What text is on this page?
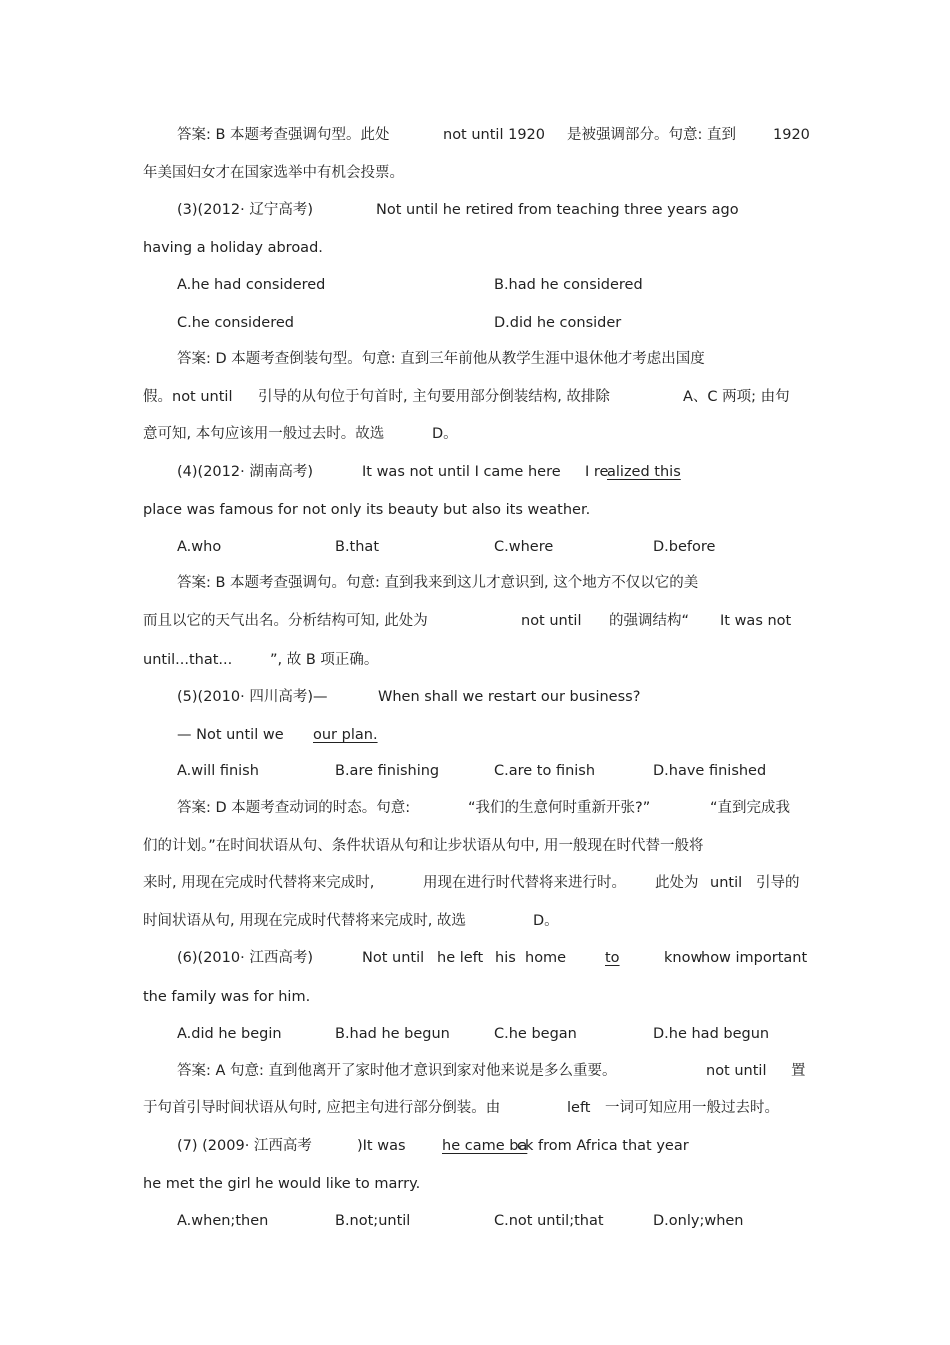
答案: B 本题考查强调句型。此处	not until 1920 是被强调部分。句意: 直到	1920
年美国妇女才在国家选举中有机会投票。
(3)(2012· 辽宁高考)	Not until he retired from teaching three years ago
having a holiday abroad.
A.he had considered	B.had he considered
C.he considered	D.did he consider
答案: D 本题考查倒装句型。句意: 直到三年前他从教学生涯中退休他才考虑出国度
假。not until 引导的从句位于句首时, 主句要用部分倒装结构, 故排除	A、C 两项; 由句
意可知, 本句应该用一般过去时。故选	D。
(4)(2012· 湖南高考)	It was not until I came here I re
alized this
place was famous for not only its beauty but also its weather.
A.who	B.that	C.where	D.before
答案: B 本题考查强调句。句意: 直到我来到这儿才意识到, 这个地方不仅以它的美
而且以它的天气出名。分析结构可知, 此处为	not until 的强调结构“ It was not
until...that...	”, 故 B 项正确。
(5)(2010· 四川高考)—	When shall we restart our business?
— Not until we	our plan.
A.will finish	B.are finishing	C.are to finish	D.have finished
答案: D 本题考查动词的时态。句意:	“我们的生意何时重新开张?”	“直到完成我
们的计划。”在时间状语从句、条件状语从句和让步状语从句中, 用一般现在时代替一般将
来时, 用现在完成时代替将来完成时,	用现在进行时代替将来进行时。 此处为 until 引导的
时间状语从句, 用现在完成时代替将来完成时, 故选	D。
(6)(2010· 江西高考)	Not until he left his home	to	know
how important
the family was for him.
A.did he begin	B.had he begun	C.he began	D.he had begun
答案: A 句意: 直到他离开了家时他才意识到家对他来说是多么重要。	not until 置
于句首引导时间状语从句时, 应把主句进行部分倒装。由	left 一词可知应用一般过去时。
(7) (2009· 江西高考	)It was	he came ba
ck from Africa that year
he met the girl he would like to marry.
A.when;then	B.not;until	C.not until;that	D.only;when
